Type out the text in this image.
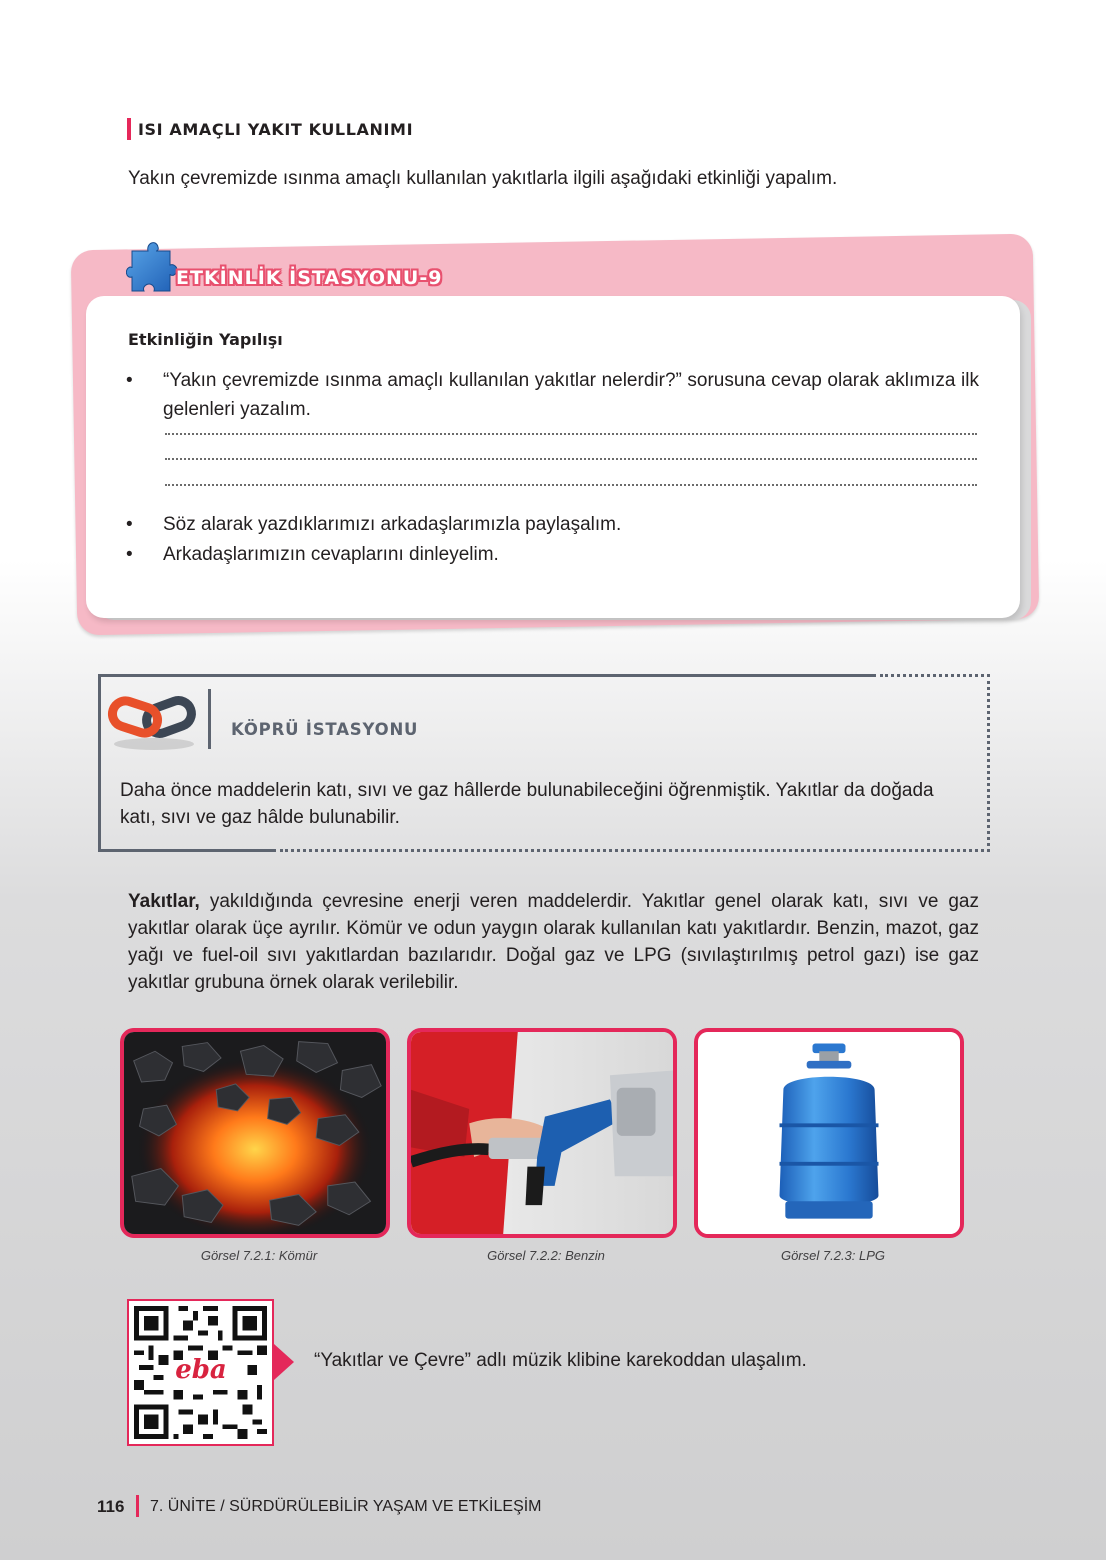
ISI AMAÇLI YAKIT KULLANIMI
Yakın çevremizde ısınma amaçlı kullanılan yakıtlarla ilgili aşağıdaki etkinliği yapalım.
ETKİNLİK İSTASYONU-9
Etkinliğin Yapılışı
• “Yakın çevremizde ısınma amaçlı kullanılan yakıtlar nelerdir?” sorusuna cevap olarak aklımıza ilk gelenleri yazalım.
• Söz alarak yazdıklarımızı arkadaşlarımızla paylaşalım.
• Arkadaşlarımızın cevaplarını dinleyelim.
KÖPRÜ İSTASYONU
Daha önce maddelerin katı, sıvı ve gaz hâllerde bulunabileceğini öğrenmiştik. Yakıtlar da doğada katı, sıvı ve gaz hâlde bulunabilir.
Yakıtlar, yakıldığında çevresine enerji veren maddelerdir. Yakıtlar genel olarak katı, sıvı ve gaz yakıtlar olarak üçe ayrılır. Kömür ve odun yaygın olarak kullanılan katı yakıtlardır. Benzin, mazot, gaz yağı ve fuel-oil sıvı yakıtlardan bazılarıdır. Doğal gaz ve LPG (sıvılaştırılmış petrol gazı) ise gaz yakıtlar grubuna örnek olarak verilebilir.
Görsel 7.2.1: Kömür	Görsel 7.2.2: Benzin	Görsel 7.2.3: LPG
eba	“Yakıtlar ve Çevre” adlı müzik klibine karekoddan ulaşalım.
116 7. ÜNİTE / SÜRDÜRÜLEBİLİR YAŞAM VE ETKİLEŞİM
